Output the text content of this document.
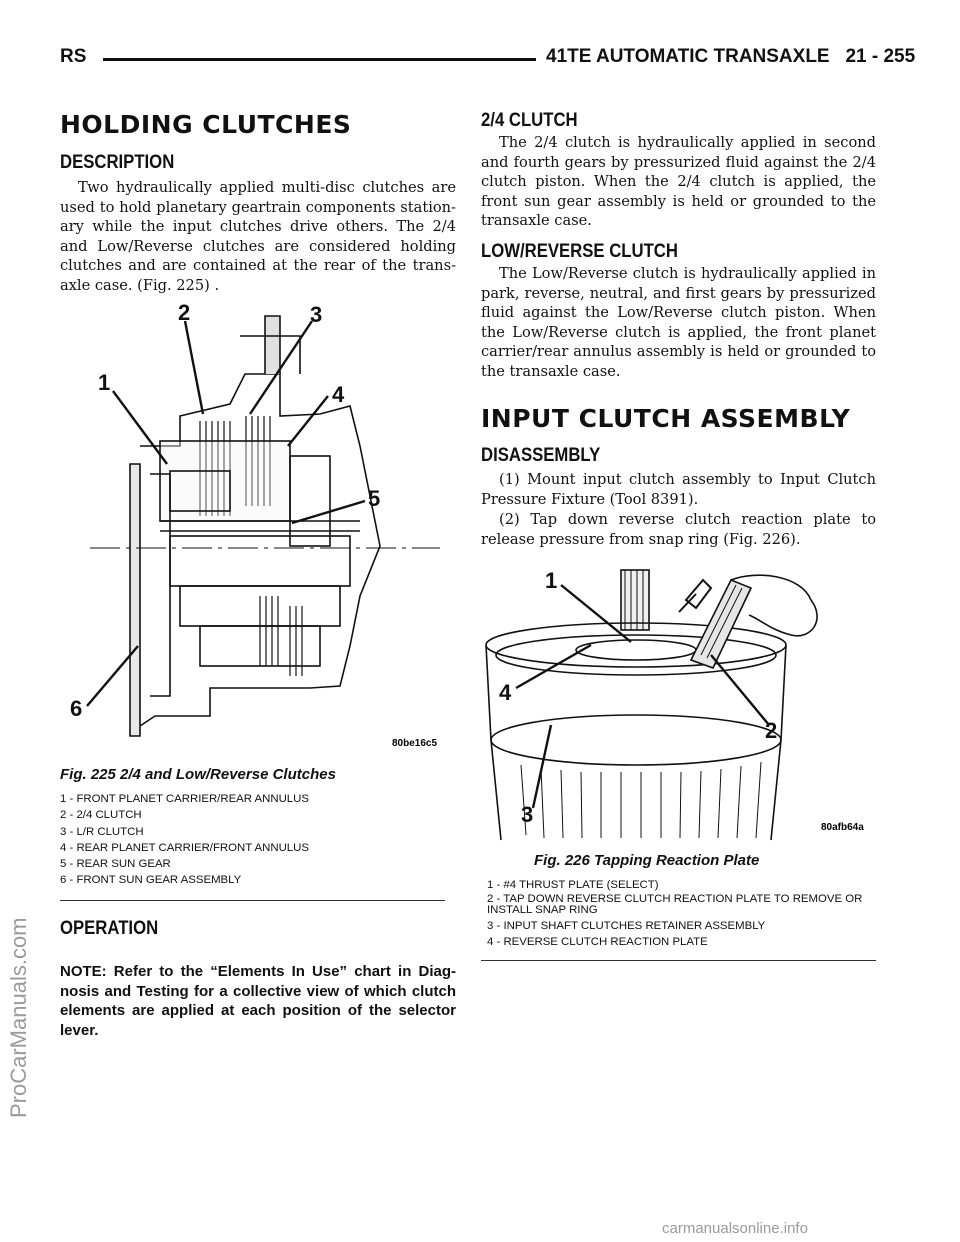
RS	41TE AUTOMATIC TRANSAXLE 21 - 255
HOLDING CLUTCHES
DESCRIPTION
Two hydraulically applied multi-disc clutches are used to hold planetary geartrain components station-ary while the input clutches drive others. The 2/4 and Low/Reverse clutches are considered holding clutches and are contained at the rear of the trans-axle case. (Fig. 225) .
2	3
1	4
5
6
80be16c5
Fig. 225 2/4 and Low/Reverse Clutches
1 - FRONT PLANET CARRIER/REAR ANNULUS
2 - 2/4 CLUTCH
3 - L/R CLUTCH
4 - REAR PLANET CARRIER/FRONT ANNULUS
5 - REAR SUN GEAR
6 - FRONT SUN GEAR ASSEMBLY
OPERATION
NOTE: Refer to the “Elements In Use” chart in Diag-nosis and Testing for a collective view of which clutch elements are applied at each position of the selector lever.
2/4 CLUTCH
The 2/4 clutch is hydraulically applied in second and fourth gears by pressurized fluid against the 2/4 clutch piston. When the 2/4 clutch is applied, the front sun gear assembly is held or grounded to the transaxle case.
LOW/REVERSE CLUTCH
The Low/Reverse clutch is hydraulically applied in park, reverse, neutral, and first gears by pressurized fluid against the Low/Reverse clutch piston. When the Low/Reverse clutch is applied, the front planet carrier/rear annulus assembly is held or grounded to the transaxle case.
INPUT CLUTCH ASSEMBLY
DISASSEMBLY
(1) Mount input clutch assembly to Input Clutch Pressure Fixture (Tool 8391).
(2) Tap down reverse clutch reaction plate to release pressure from snap ring (Fig. 226).
1
2
3
4
80afb64a
Fig. 226 Tapping Reaction Plate
1 - #4 THRUST PLATE (SELECT)
2 - TAP DOWN REVERSE CLUTCH REACTION PLATE TO REMOVE OR INSTALL SNAP RING
3 - INPUT SHAFT CLUTCHES RETAINER ASSEMBLY
4 - REVERSE CLUTCH REACTION PLATE
ProCarManuals.com
carmanualsonline.info
